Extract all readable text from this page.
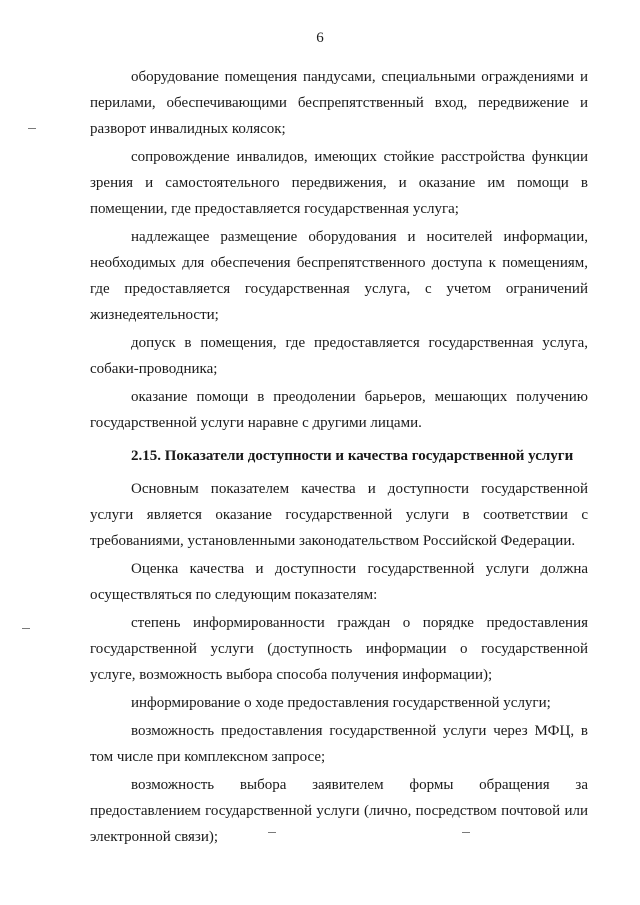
6

оборудование помещения пандусами, специальными ограждениями и перилами, обеспечивающими беспрепятственный вход, передвижение и разворот инвалидных колясок;

сопровождение инвалидов, имеющих стойкие расстройства функции зрения и самостоятельного передвижения, и оказание им помощи в помещении, где предоставляется государственная услуга;

надлежащее размещение оборудования и носителей информации, необходимых для обеспечения беспрепятственного доступа к помещениям, где предоставляется государственная услуга, с учетом ограничений жизнедеятельности;

допуск в помещения, где предоставляется государственная услуга, собаки-проводника;

оказание помощи в преодолении барьеров, мешающих получению государственной услуги наравне с другими лицами.

2.15. Показатели доступности и качества государственной услуги

Основным показателем качества и доступности государственной услуги является оказание государственной услуги в соответствии с требованиями, установленными законодательством Российской Федерации.

Оценка качества и доступности государственной услуги должна осуществляться по следующим показателям:

степень информированности граждан о порядке предоставления государственной услуги (доступность информации о государственной услуге, возможность выбора способа получения информации);

информирование о ходе предоставления государственной услуги;

возможность предоставления государственной услуги через МФЦ, в том числе при комплексном запросе;

возможность выбора заявителем формы обращения за предоставлением государственной услуги (лично, посредством почтовой или электронной связи);
